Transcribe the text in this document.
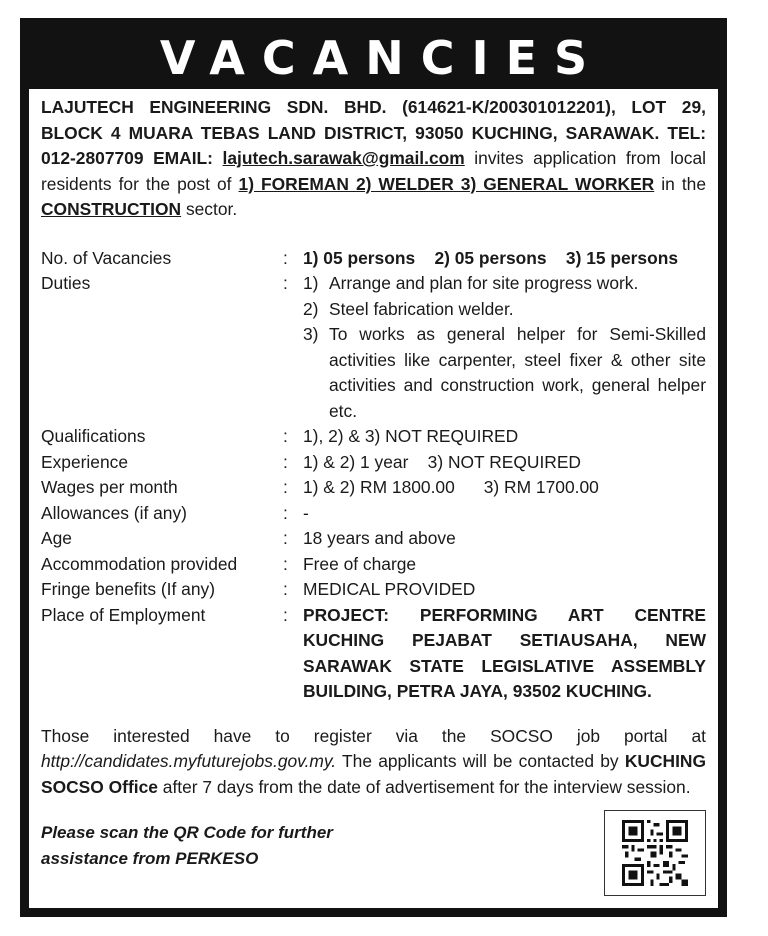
VACANCIES

LAJUTECH ENGINEERING SDN. BHD. (614621-K/200301012201), LOT 29, BLOCK 4 MUARA TEBAS LAND DISTRICT, 93050 KUCHING, SARAWAK. TEL: 012-2807709 EMAIL: lajutech.sarawak@gmail.com invites application from local residents for the post of 1) FOREMAN 2) WELDER 3) GENERAL WORKER in the CONSTRUCTION sector.

No. of Vacancies	: 1) 05 persons    2) 05 persons    3) 15 persons
Duties	: 1) Arrange and plan for site progress work.
2) Steel fabrication welder.
3) To works as general helper for Semi-Skilled activities like carpenter, steel fixer & other site activities and construction work, general helper etc.
Qualifications	: 1), 2) & 3) NOT REQUIRED
Experience	: 1) & 2) 1 year    3) NOT REQUIRED
Wages per month	: 1) & 2) RM 1800.00      3) RM 1700.00
Allowances (if any)	: -
Age	: 18 years and above
Accommodation provided	: Free of charge
Fringe benefits (If any)	: MEDICAL PROVIDED
Place of Employment	: PROJECT: PERFORMING ART CENTRE KUCHING PEJABAT SETIAUSAHA, NEW SARAWAK STATE LEGISLATIVE ASSEMBLY BUILDING, PETRA JAYA, 93502 KUCHING.

Those interested have to register via the SOCSO job portal at http://candidates.myfuturejobs.gov.my. The applicants will be contacted by KUCHING SOCSO Office after 7 days from the date of advertisement for the interview session.

Please scan the QR Code for further
assistance from PERKESO
